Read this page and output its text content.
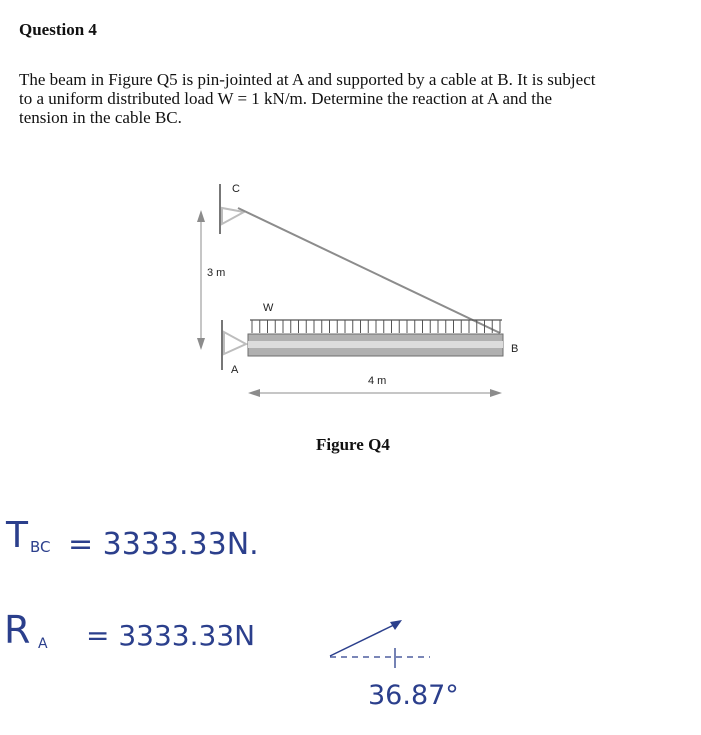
Question 4
The beam in Figure Q5 is pin-jointed at A and supported by a cable at B. It is subject
to a uniform distributed load W = 1 kN/m. Determine the reaction at A and the
tension in the cable BC.
C
3 m
A
W
B
4 m
Figure Q4
T BC = 3333.33N.
R A = 3333.33N
36.87°
